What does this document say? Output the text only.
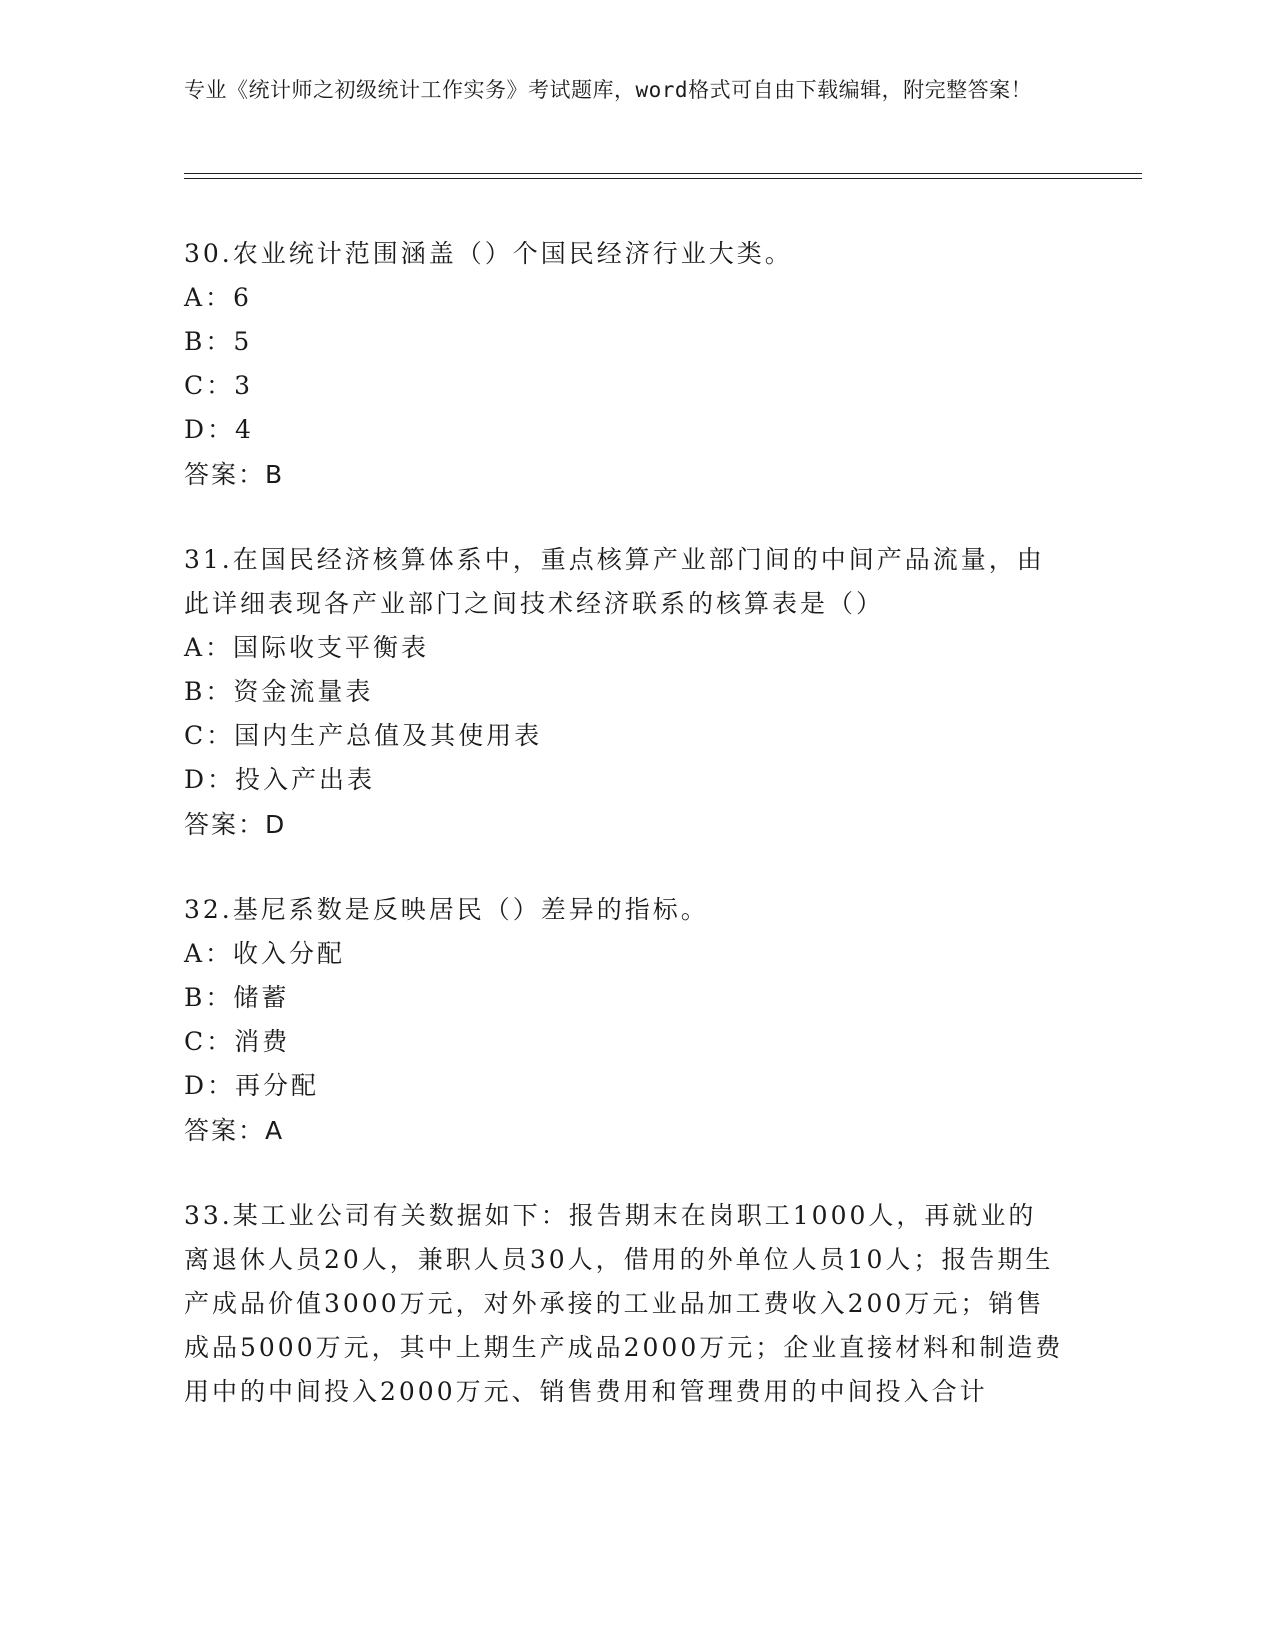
专业《统计师之初级统计工作实务》考试题库，word格式可自由下载编辑，附完整答案！

30.农业统计范围涵盖（）个国民经济行业大类。

A：6

B：5

C：3

D：4

答案：B

31.在国民经济核算体系中，重点核算产业部门间的中间产品流量，由此详细表现各产业部门之间技术经济联系的核算表是（）

A：国际收支平衡表

B：资金流量表

C：国内生产总值及其使用表

D：投入产出表

答案：D

32.基尼系数是反映居民（）差异的指标。

A：收入分配

B：储蓄

C：消费

D：再分配

答案：A

33.某工业公司有关数据如下：报告期末在岗职工1000人，再就业的离退休人员20人，兼职人员30人，借用的外单位人员10人；报告期生产成品价值3000万元，对外承接的工业品加工费收入200万元；销售成品5000万元，其中上期生产成品2000万元；企业直接材料和制造费用中的中间投入2000万元、销售费用和管理费用的中间投入合计
